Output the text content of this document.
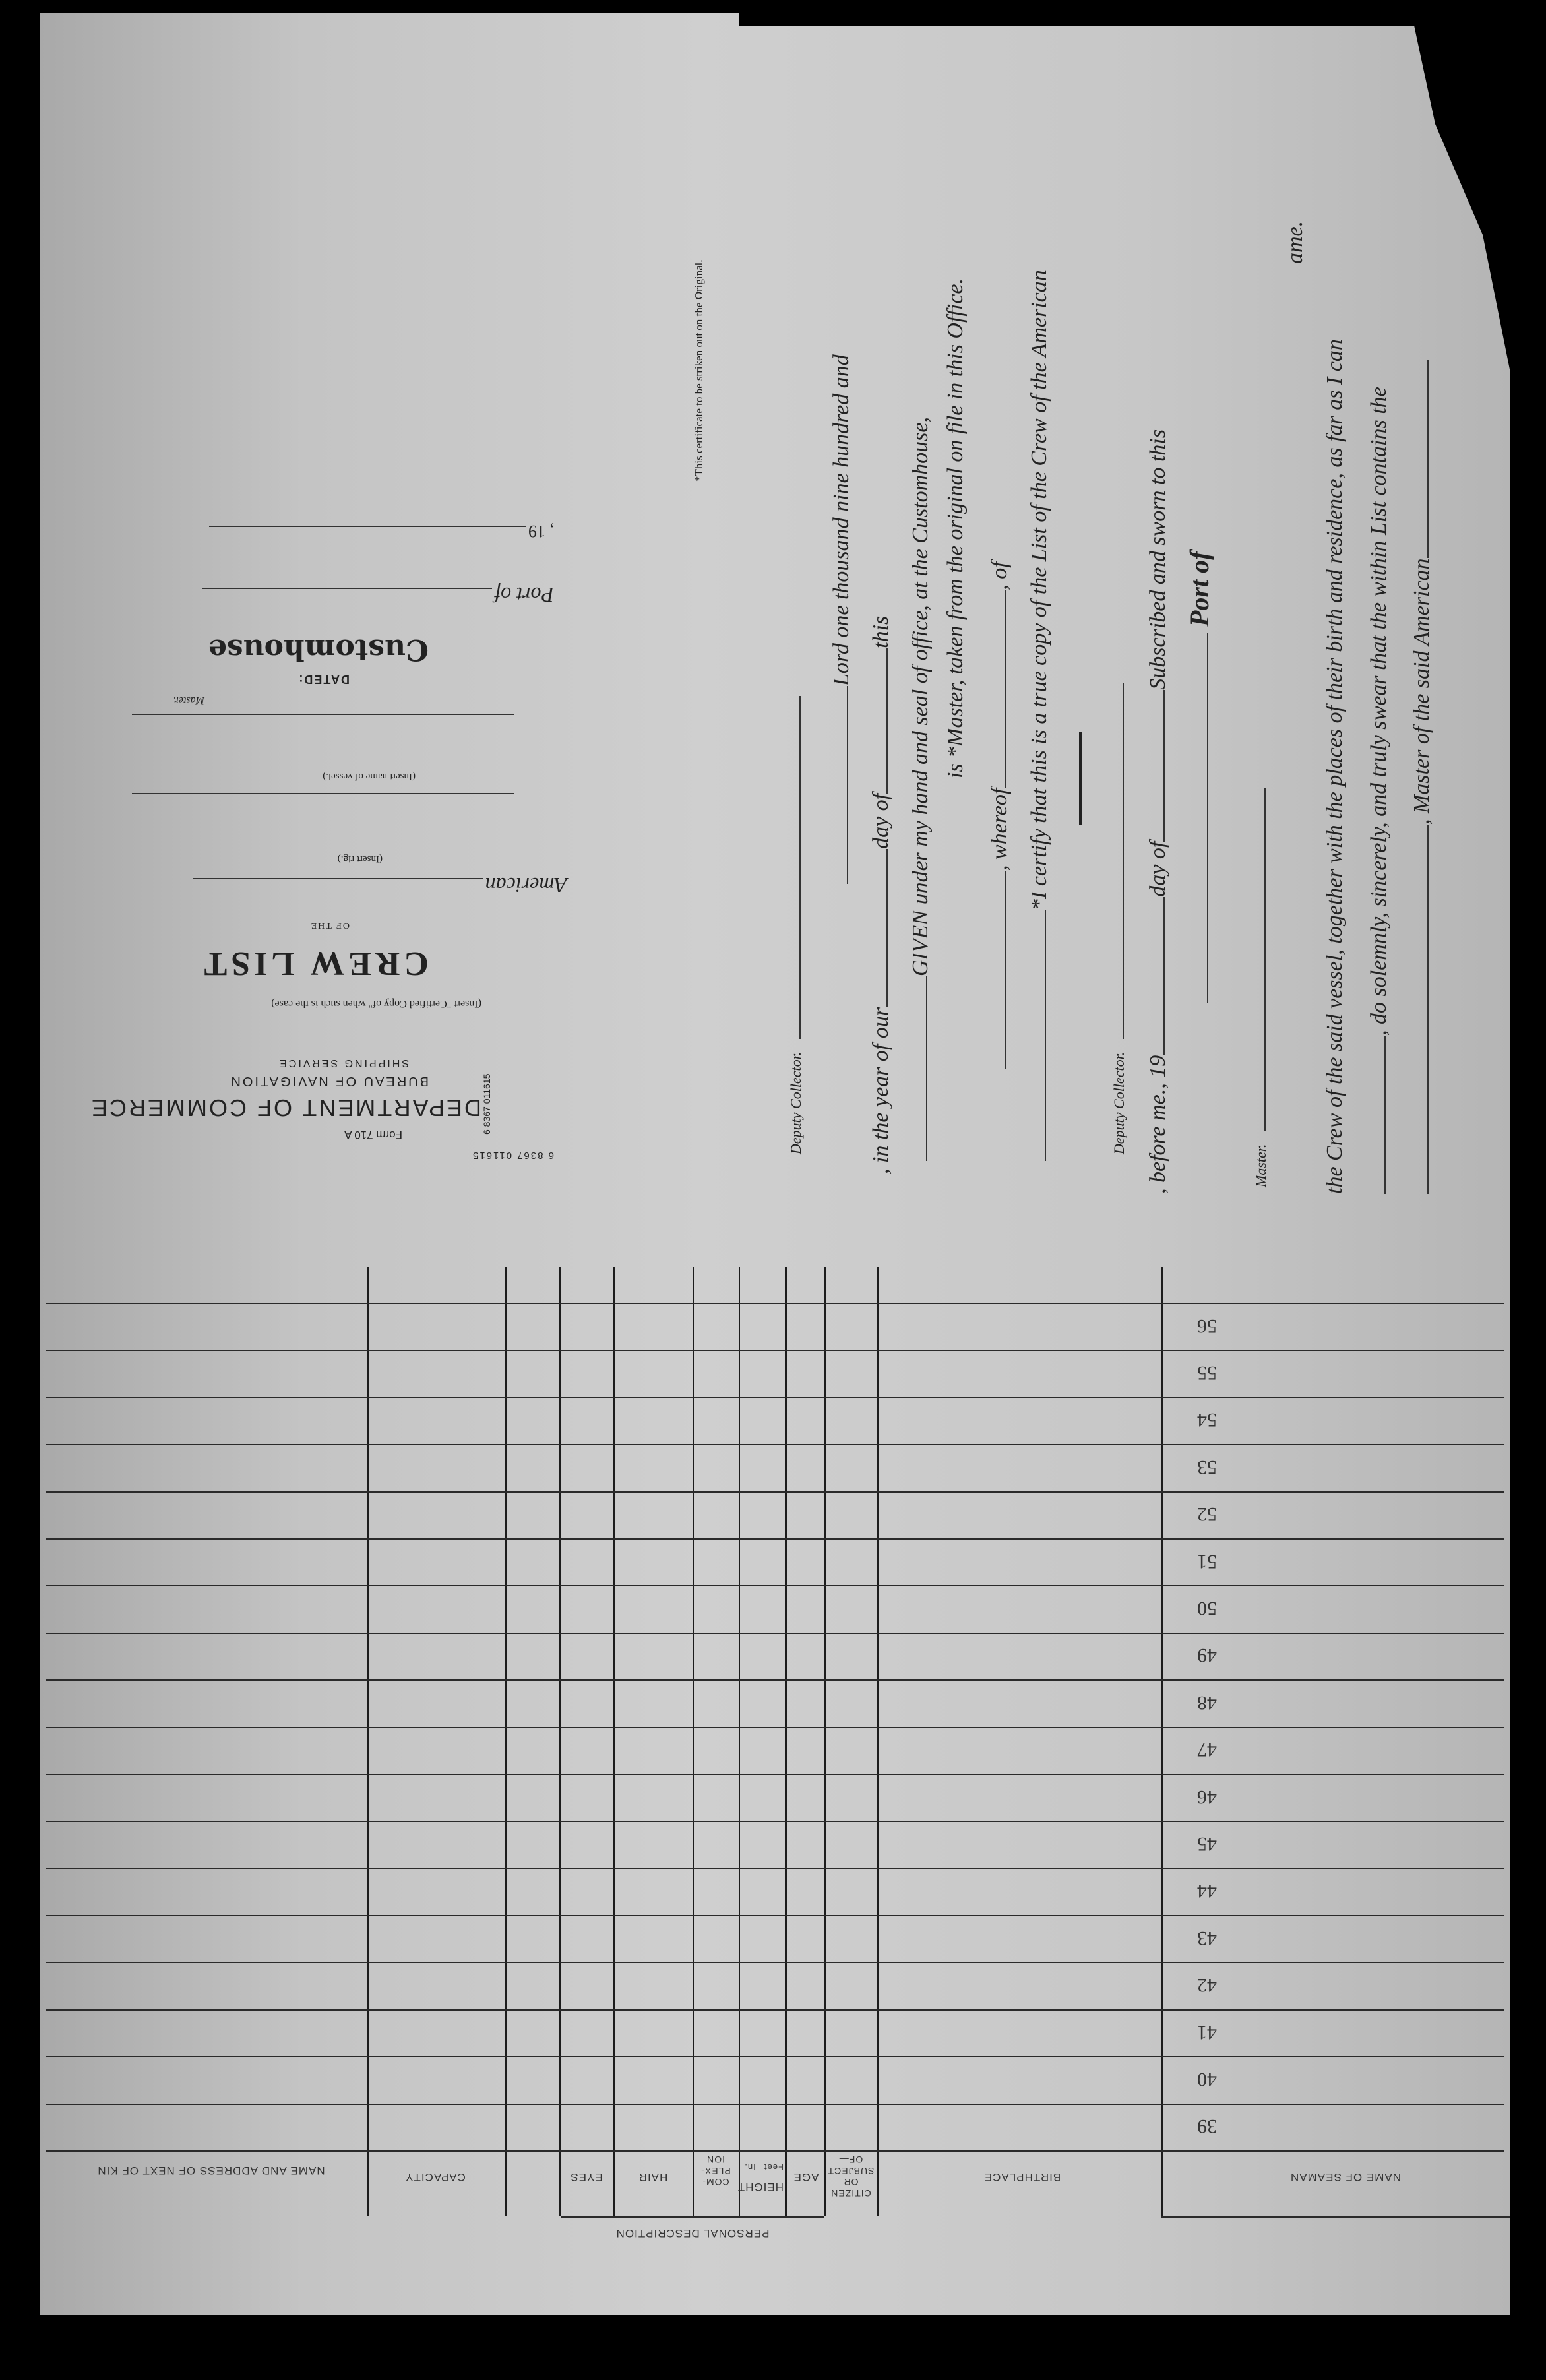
6 8367 011615
, Master of the said American
, do solemnly, sincerely, and truly swear that the within List contains the
the Crew of the said vessel, together with the places of their birth and residence, as far as I can
ame.
Master.
Port of
, before me., 19day ofSubscribed and sworn to this
Deputy Collector.
*I certify that this is a true copy of the List of the Crew of the American
, whereof, of
is *Master, taken from the original on file in this Office.
GIVEN under my hand and seal of office, at the Customhouse,
, in the year of ourday ofthis
Lord one thousand nine hundred and
Deputy Collector.
*This certificate to be striken out on the Original.
6 8367 011615
Form 710 A
DEPARTMENT OF COMMERCE
BUREAU OF NAVIGATION
SHIPPING SERVICE
(Insert "Certified Copy of" when such is the case)
CREW LIST
OF THE
American
(Insert rig.)
(Insert name of vessel.)
Master.
DATED:
Customhouse
Port of
, 19
39
40
41
42
43
44
45
46
47
48
49
50
51
52
53
54
55
56
NAME OF SEAMAN
BIRTHPLACE
CITIZEN OR SUBJECT OF—
AGE
HEIGHT
Feet
In.
COM-PLEX-ION
HAIR
EYES
PERSONAL DESCRIPTION
CAPACITY
NAME AND ADDRESS OF NEXT OF KIN
